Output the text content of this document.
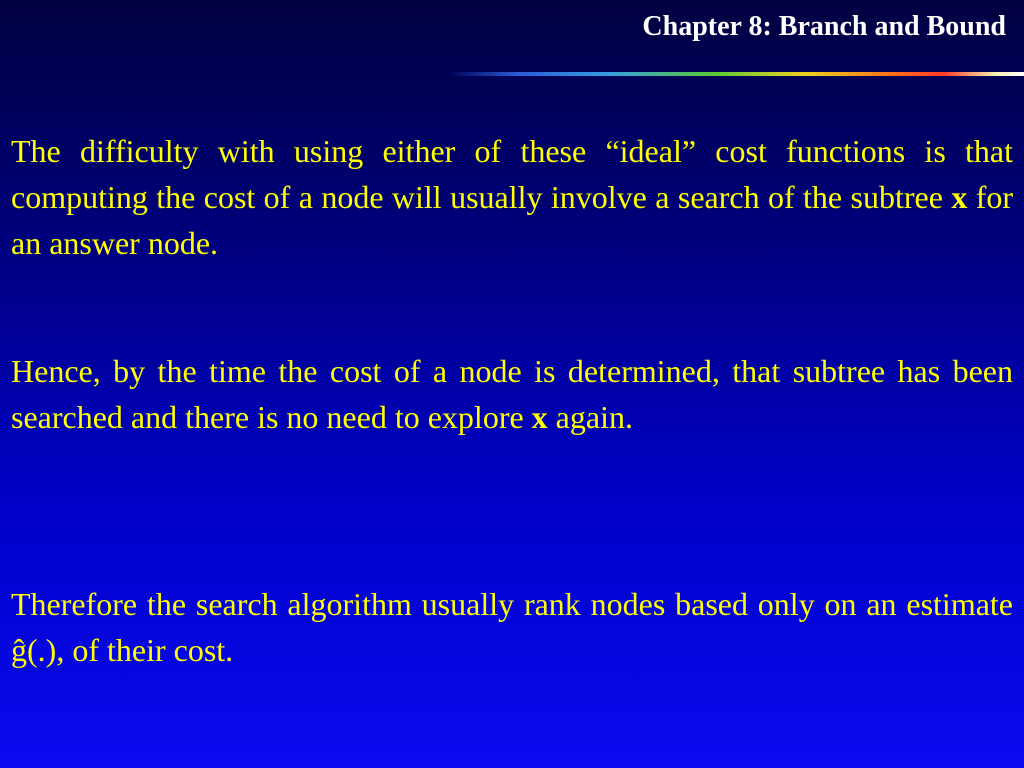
Chapter 8: Branch and Bound

The difficulty with using either of these “ideal” cost functions is that computing the cost of a node will usually involve a search of the subtree x for an answer node.

Hence, by the time the cost of a node is determined, that subtree has been searched and there is no need to explore x again.

Therefore the search algorithm usually rank nodes based only on an estimate ĝ(.), of their cost.
